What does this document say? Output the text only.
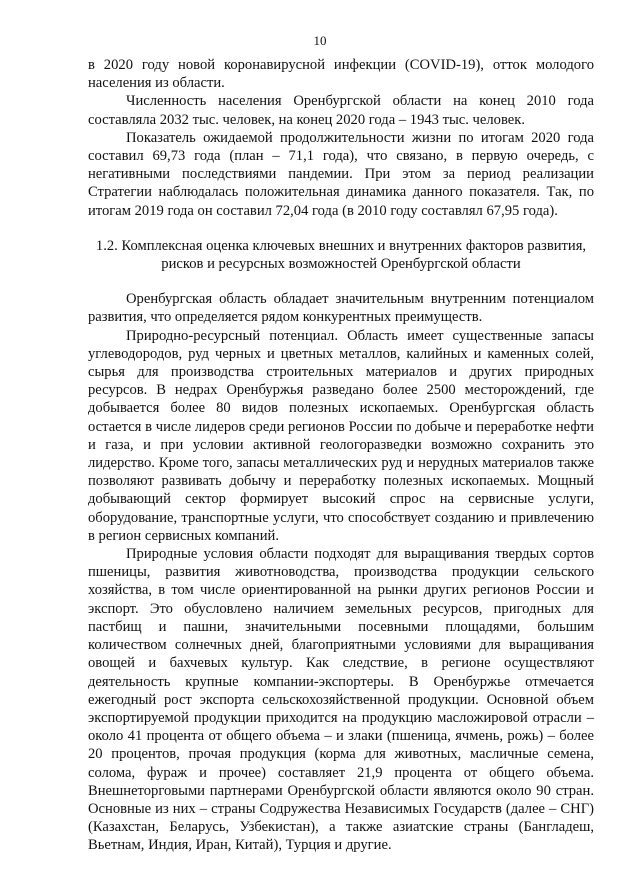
10

в 2020 году новой коронавирусной инфекции (COVID-19), отток молодого населения из области.

Численность населения Оренбургской области на конец 2010 года составляла 2032 тыс. человек, на конец 2020 года – 1943 тыс. человек.

Показатель ожидаемой продолжительности жизни по итогам 2020 года составил 69,73 года (план – 71,1 года), что связано, в первую очередь, с негативными последствиями пандемии. При этом за период реализации Стратегии наблюдалась положительная динамика данного показателя. Так, по итогам 2019 года он составил 72,04 года (в 2010 году составлял 67,95 года).

1.2. Комплексная оценка ключевых внешних и внутренних факторов развития, рисков и ресурсных возможностей Оренбургской области

Оренбургская область обладает значительным внутренним потенциалом развития, что определяется рядом конкурентных преимуществ.

Природно-ресурсный потенциал. Область имеет существенные запасы углеводородов, руд черных и цветных металлов, калийных и каменных солей, сырья для производства строительных материалов и других природных ресурсов. В недрах Оренбуржья разведано более 2500 месторождений, где добывается более 80 видов полезных ископаемых. Оренбургская область остается в числе лидеров среди регионов России по добыче и переработке нефти и газа, и при условии активной геологоразведки возможно сохранить это лидерство. Кроме того, запасы металлических руд и нерудных материалов также позволяют развивать добычу и переработку полезных ископаемых. Мощный добывающий сектор формирует высокий спрос на сервисные услуги, оборудование, транспортные услуги, что способствует созданию и привлечению в регион сервисных компаний.

Природные условия области подходят для выращивания твердых сортов пшеницы, развития животноводства, производства продукции сельского хозяйства, в том числе ориентированной на рынки других регионов России и экспорт. Это обусловлено наличием земельных ресурсов, пригодных для пастбищ и пашни, значительными посевными площадями, большим количеством солнечных дней, благоприятными условиями для выращивания овощей и бахчевых культур. Как следствие, в регионе осуществляют деятельность крупные компании-экспортеры. В Оренбуржье отмечается ежегодный рост экспорта сельскохозяйственной продукции. Основной объем экспортируемой продукции приходится на продукцию масложировой отрасли – около 41 процента от общего объема – и злаки (пшеница, ячмень, рожь) – более 20 процентов, прочая продукция (корма для животных, масличные семена, солома, фураж и прочее) составляет 21,9 процента от общего объема. Внешнеторговыми партнерами Оренбургской области являются около 90 стран. Основные из них – страны Содружества Независимых Государств (далее – СНГ) (Казахстан, Беларусь, Узбекистан), а также азиатские страны (Бангладеш, Вьетнам, Индия, Иран, Китай), Турция и другие.
